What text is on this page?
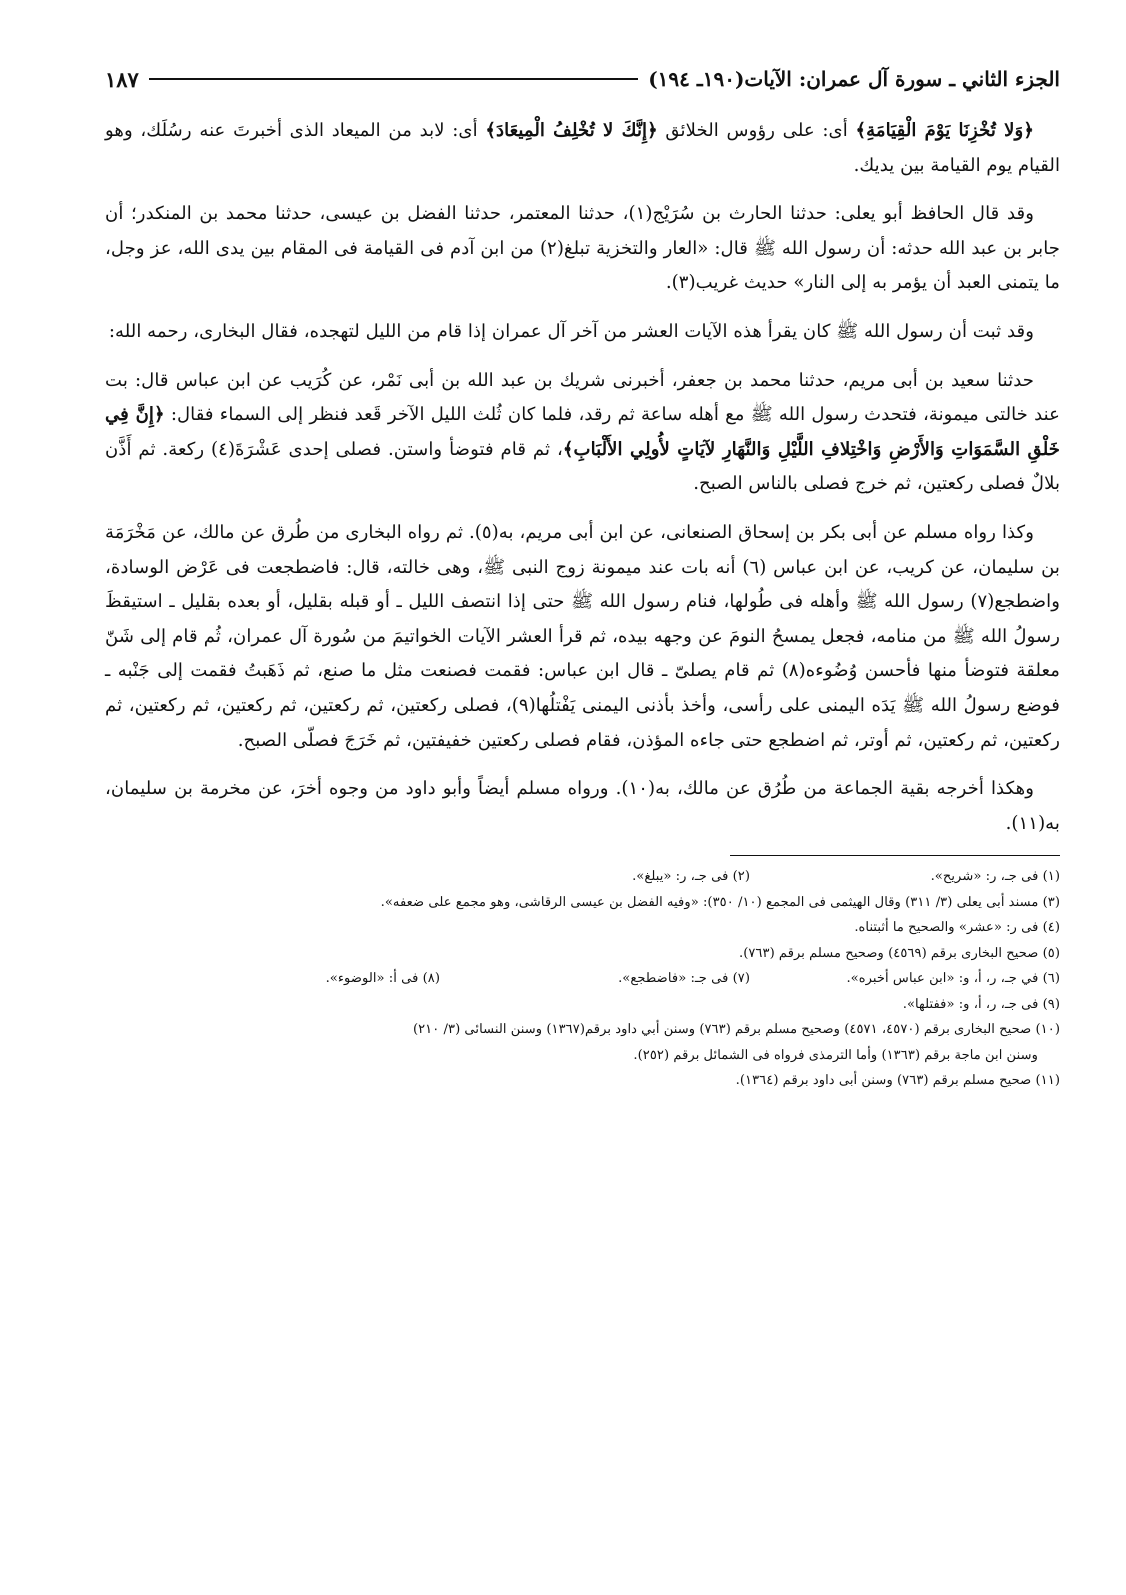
الجزء الثاني ـ سورة آل عمران: الآيات(١٩٠ـ ١٩٤)
١٨٧

﴿وَلا تُخْزِنَا يَوْمَ الْقِيَامَةِ﴾ أى: على رؤوس الخلائق ﴿إِنَّكَ لا تُخْلِفُ الْمِيعَادَ﴾ أى: لابد من الميعاد الذى أخبرتَ عنه رسُلَك، وهو القيام يوم القيامة بين يديك.

وقد قال الحافظ أبو يعلى: حدثنا الحارث بن سُرَيْج(١)، حدثنا المعتمر، حدثنا الفضل بن عيسى، حدثنا محمد بن المنكدر؛ أن جابر بن عبد الله حدثه: أن رسول الله ﷺ قال: «العار والتخزية تبلغ(٢) من ابن آدم فى القيامة فى المقام بين يدى الله، عز وجل، ما يتمنى العبد أن يؤمر به إلى النار» حديث غريب(٣).

وقد ثبت أن رسول الله ﷺ كان يقرأ هذه الآيات العشر من آخر آل عمران إذا قام من الليل لتهجده، فقال البخارى، رحمه الله:

حدثنا سعيد بن أبى مريم، حدثنا محمد بن جعفر، أخبرنى شريك بن عبد الله بن أبى نَمْر، عن كُرَيب عن ابن عباس قال: بت عند خالتى ميمونة، فتحدث رسول الله ﷺ مع أهله ساعة ثم رقد، فلما كان ثُلث الليل الآخر قَعد فنظر إلى السماء فقال: ﴿إِنَّ فِي خَلْقِ السَّمَوَاتِ وَالأَرْضِ وَاخْتِلافِ اللَّيْلِ وَالنَّهَارِ لآيَاتٍ لأُولِي الأَلْبَابِ﴾، ثم قام فتوضأ واستن. فصلى إحدى عَشْرَةَ(٤) ركعة. ثم أَذَّن بلالٌ فصلى ركعتين، ثم خرج فصلى بالناس الصبح.

وكذا رواه مسلم عن أبى بكر بن إسحاق الصنعانى، عن ابن أبى مريم، به(٥). ثم رواه البخارى من طُرق عن مالك، عن مَخْرَمَة بن سليمان، عن كريب، عن ابن عباس (٦) أنه بات عند ميمونة زوج النبى ﷺ، وهى خالته، قال: فاضطجعت فى عَرْض الوسادة، واضطجع(٧) رسول الله ﷺ وأهله فى طُولها، فنام رسول الله ﷺ حتى إذا انتصف الليل ـ أو قبله بقليل، أو بعده بقليل ـ استيقظَ رسولُ الله ﷺ من منامه، فجعل يمسحُ النومَ عن وجهه بيده، ثم قرأ العشر الآيات الخواتيمَ من سُورة آل عمران، ثُم قام إلى شَنّ معلقة فتوضأ منها فأحسن وُضُوءه(٨) ثم قام يصلىّ ـ قال ابن عباس: فقمت فصنعت مثل ما صنع، ثم ذَهَبتُ فقمت إلى جَنْبه ـ فوضع رسولُ الله ﷺ يَدَه اليمنى على رأسى، وأخذ بأذنى اليمنى يَفْتلُها(٩)، فصلى ركعتين، ثم ركعتين، ثم ركعتين، ثم ركعتين، ثم ركعتين، ثم ركعتين، ثم أوتر، ثم اضطجع حتى جاءه المؤذن، فقام فصلى ركعتين خفيفتين، ثم خَرَجَ فصلّى الصبح.

وهكذا أخرجه بقية الجماعة من طُرُق عن مالك، به(١٠). ورواه مسلم أيضاً وأبو داود من وجوه أخرَ، عن مخرمة بن سليمان، به(١١).

(١) فى جـ، ر: «شريح».
(٢) فى جـ، ر: «يبلغ».
(٣) مسند أبى يعلى (٣/ ٣١١) وقال الهيثمى فى المجمع (١٠/ ٣٥٠): «وفيه الفضل بن عيسى الرقاشى، وهو مجمع على ضعفه».
(٤) فى ر: «عشر» والصحيح ما أثبتناه.
(٥) صحيح البخارى برقم (٤٥٦٩) وصحيح مسلم برقم (٧٦٣).
(٦) في جـ، ر، أ، و: «ابن عباس أخبره».
(٧) فى جـ: «فاضطجع».
(٨) فى أ: «الوضوء».
(٩) فى جـ، ر، أ، و: «ففتلها».
(١٠) صحيح البخارى برقم (٤٥٧٠، ٤٥٧١) وصحيح مسلم برقم (٧٦٣) وسنن أبي داود برقم(١٣٦٧) وسنن النسائى (٣/ ٢١٠)
وسنن ابن ماجة برقم (١٣٦٣) وأما الترمذى فرواه فى الشمائل برقم (٢٥٢).
(١١) صحيح مسلم برقم (٧٦٣) وسنن أبى داود برقم (١٣٦٤).
